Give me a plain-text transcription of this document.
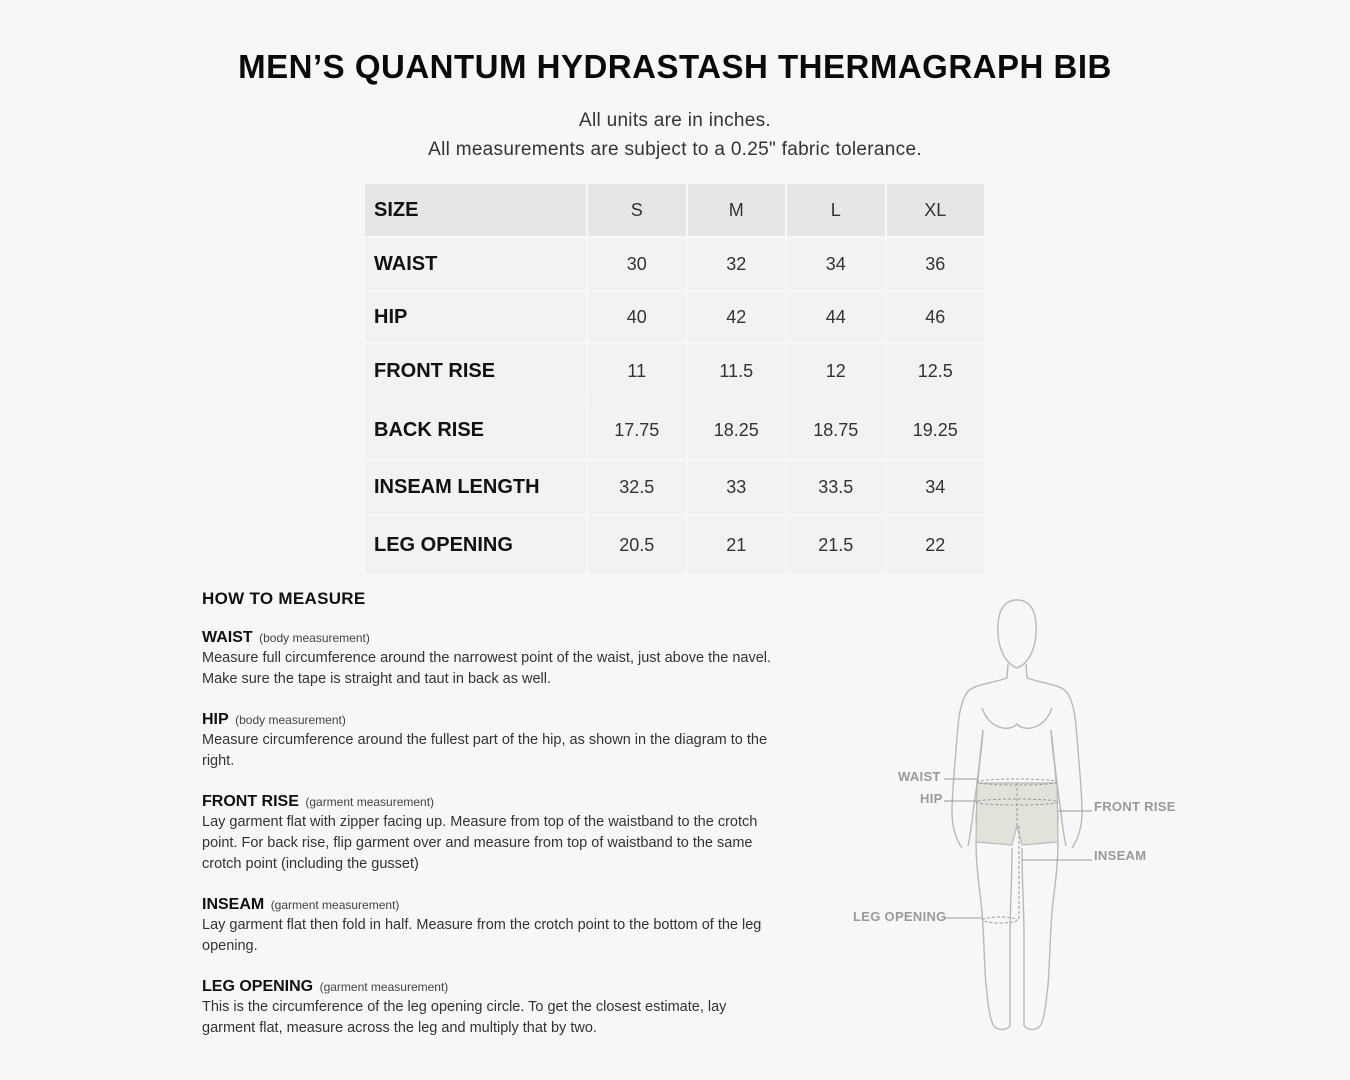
MEN’S QUANTUM HYDRASTASH THERMAGRAPH BIB
All units are in inches.
All measurements are subject to a 0.25" fabric tolerance.
SIZE	S	M	L	XL
WAIST	30	32	34	36
HIP	40	42	44	46
FRONT RISE	11	11.5	12	12.5
BACK RISE	17.75	18.25	18.75	19.25
INSEAM LENGTH	32.5	33	33.5	34
LEG OPENING	20.5	21	21.5	22
HOW TO MEASURE
WAIST (body measurement)
Measure full circumference around the narrowest point of the waist, just above the navel. Make sure the tape is straight and taut in back as well.
HIP (body measurement)
Measure circumference around the fullest part of the hip, as shown in the diagram to the right.
FRONT RISE (garment measurement)
Lay garment flat with zipper facing up. Measure from top of the waistband to the crotch point. For back rise, flip garment over and measure from top of waistband to the same crotch point (including the gusset)
INSEAM (garment measurement)
Lay garment flat then fold in half. Measure from the crotch point to the bottom of the leg opening.
LEG OPENING (garment measurement)
This is the circumference of the leg opening circle. To get the closest estimate, lay garment flat, measure across the leg and multiply that by two.
WAIST
HIP
FRONT RISE
INSEAM
LEG OPENING
